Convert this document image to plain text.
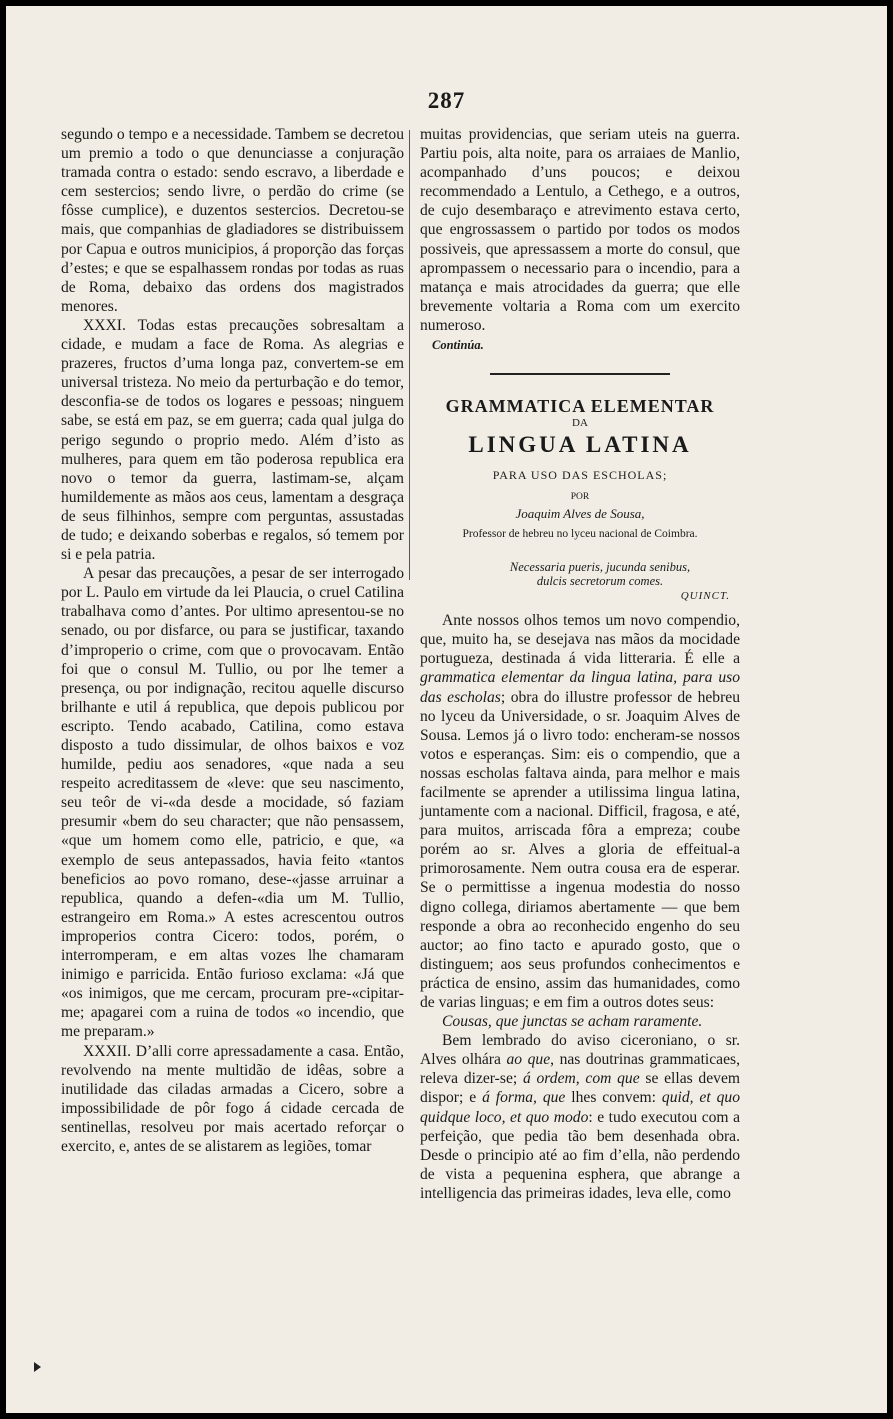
287

segundo o tempo e a necessidade. Tambem se decretou um premio a todo o que denunciasse a conjuração tramada contra o estado: sendo escravo, a liberdade e cem sestercios; sendo livre, o perdão do crime (se fôsse cumplice), e duzentos sestercios. Decretou-se mais, que companhias de gladiadores se distribuissem por Capua e outros municipios, á proporção das forças d’estes; e que se espalhassem rondas por todas as ruas de Roma, debaixo das ordens dos magistrados menores.

XXXI. Todas estas precauções sobresaltam a cidade, e mudam a face de Roma. As alegrias e prazeres, fructos d’uma longa paz, convertem-se em universal tristeza. No meio da perturbação e do temor, desconfia-se de todos os logares e pessoas; ninguem sabe, se está em paz, se em guerra; cada qual julga do perigo segundo o proprio medo. Além d’isto as mulheres, para quem em tão poderosa republica era novo o temor da guerra, lastimam-se, alçam humildemente as mãos aos ceus, lamentam a desgraça de seus filhinhos, sempre com perguntas, assustadas de tudo; e deixando soberbas e regalos, só temem por si e pela patria.

A pesar das precauções, a pesar de ser interrogado por L. Paulo em virtude da lei Plaucia, o cruel Catilina trabalhava como d’antes. Por ultimo apresentou-se no senado, ou por disfarce, ou para se justificar, taxando d’improperio o crime, com que o provocavam. Então foi que o consul M. Tullio, ou por lhe temer a presença, ou por indignação, recitou aquelle discurso brilhante e util á republica, que depois publicou por escripto. Tendo acabado, Catilina, como estava disposto a tudo dissimular, de olhos baixos e voz humilde, pediu aos senadores, «que nada a seu respeito acreditassem de «leve: que seu nascimento, seu teôr de vi-«da desde a mocidade, só faziam presumir «bem do seu character; que não pensassem, «que um homem como elle, patricio, e que, «a exemplo de seus antepassados, havia feito «tantos beneficios ao povo romano, dese-«jasse arruinar a republica, quando a defen-«dia um M. Tullio, estrangeiro em Roma.» A estes acrescentou outros improperios contra Cicero: todos, porém, o interromperam, e em altas vozes lhe chamaram inimigo e parricida. Então furioso exclama: «Já que «os inimigos, que me cercam, procuram pre-«cipitar-me; apagarei com a ruina de todos «o incendio, que me preparam.»

XXXII. D’alli corre apressadamente a casa. Então, revolvendo na mente multidão de idêas, sobre a inutilidade das ciladas armadas a Cicero, sobre a impossibilidade de pôr fogo á cidade cercada de sentinellas, resolveu por mais acertado reforçar o exercito, e, antes de se alistarem as legiões, tomar

muitas providencias, que seriam uteis na guerra. Partiu pois, alta noite, para os arraiaes de Manlio, acompanhado d’uns poucos; e deixou recommendado a Lentulo, a Cethego, e a outros, de cujo desembaraço e atrevimento estava certo, que engrossassem o partido por todos os modos possiveis, que apressassem a morte do consul, que aprompassem o necessario para o incendio, para a matança e mais atrocidades da guerra; que elle brevemente voltaria a Roma com um exercito numeroso.

Continúa.
GRAMMATICA ELEMENTAR
DA
LINGUA LATINA
PARA USO DAS ESCHOLAS;
POR
Joaquim Alves de Sousa,
Professor de hebreu no lyceu nacional de Coimbra.
Necessaria pueris, jucunda senibus,
dulcis secretorum comes.
QUINCT.

Ante nossos olhos temos um novo compendio, que, muito ha, se desejava nas mãos da mocidade portugueza, destinada á vida litteraria. É elle a grammatica elementar da lingua latina, para uso das escholas; obra do illustre professor de hebreu no lyceu da Universidade, o sr. Joaquim Alves de Sousa. Lemos já o livro todo: encheram-se nossos votos e esperanças. Sim: eis o compendio, que a nossas escholas faltava ainda, para melhor e mais facilmente se aprender a utilissima lingua latina, juntamente com a nacional. Difficil, fragosa, e até, para muitos, arriscada fôra a empreza; coube porém ao sr. Alves a gloria de effeitual-a primorosamente. Nem outra cousa era de esperar. Se o permittisse a ingenua modestia do nosso digno collega, diriamos abertamente — que bem responde a obra ao reconhecido engenho do seu auctor; ao fino tacto e apurado gosto, que o distinguem; aos seus profundos conhecimentos e práctica de ensino, assim das humanidades, como de varias linguas; e em fim a outros dotes seus:

Cousas, que junctas se acham raramente.

Bem lembrado do aviso ciceroniano, o sr. Alves olhára ao que, nas doutrinas grammaticaes, releva dizer-se; á ordem, com que se ellas devem dispor; e á forma, que lhes convem: quid, et quo quidque loco, et quo modo: e tudo executou com a perfeição, que pedia tão bem desenhada obra. Desde o principio até ao fim d’ella, não perdendo de vista a pequenina esphera, que abrange a intelligencia das primeiras idades, leva elle, como
